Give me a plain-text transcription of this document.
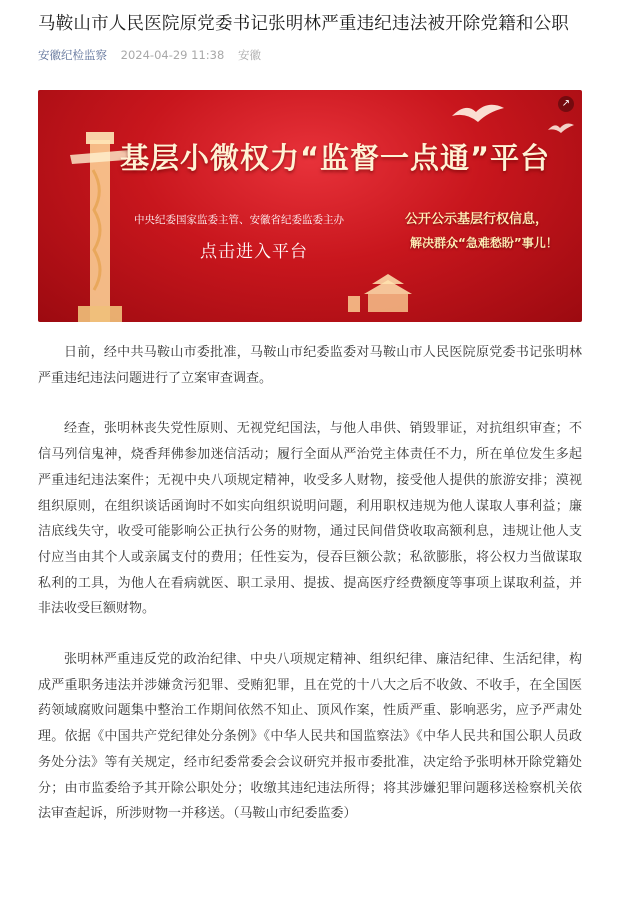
马鞍山市人民医院原党委书记张明林严重违纪违法被开除党籍和公职
安徽纪检监察 2024-04-29 11:38 安徽
基层小微权力“监督一点通”平台
中央纪委国家监委主管、安徽省纪委监委主办
点击进入平台
公开公示基层行权信息，
解决群众“急难愁盼”事儿！
↗

日前，经中共马鞍山市委批准，马鞍山市纪委监委对马鞍山市人民医院原党委书记张明林严重违纪违法问题进行了立案审查调查。

经查，张明林丧失党性原则、无视党纪国法，与他人串供、销毁罪证，对抗组织审查；不信马列信鬼神，烧香拜佛参加迷信活动；履行全面从严治党主体责任不力，所在单位发生多起严重违纪违法案件；无视中央八项规定精神，收受多人财物，接受他人提供的旅游安排；漠视组织原则，在组织谈话函询时不如实向组织说明问题，利用职权违规为他人谋取人事利益；廉洁底线失守，收受可能影响公正执行公务的财物，通过民间借贷收取高额利息，违规让他人支付应当由其个人或亲属支付的费用；任性妄为，侵吞巨额公款；私欲膨胀，将公权力当做谋取私利的工具，为他人在看病就医、职工录用、提拔、提高医疗经费额度等事项上谋取利益，并非法收受巨额财物。

张明林严重违反党的政治纪律、中央八项规定精神、组织纪律、廉洁纪律、生活纪律，构成严重职务违法并涉嫌贪污犯罪、受贿犯罪，且在党的十八大之后不收敛、不收手，在全国医药领域腐败问题集中整治工作期间依然不知止、顶风作案，性质严重、影响恶劣，应予严肃处理。依据《中国共产党纪律处分条例》《中华人民共和国监察法》《中华人民共和国公职人员政务处分法》等有关规定，经市纪委常委会会议研究并报市委批准，决定给予张明林开除党籍处分；由市监委给予其开除公职处分；收缴其违纪违法所得；将其涉嫌犯罪问题移送检察机关依法审查起诉，所涉财物一并移送。（马鞍山市纪委监委）
